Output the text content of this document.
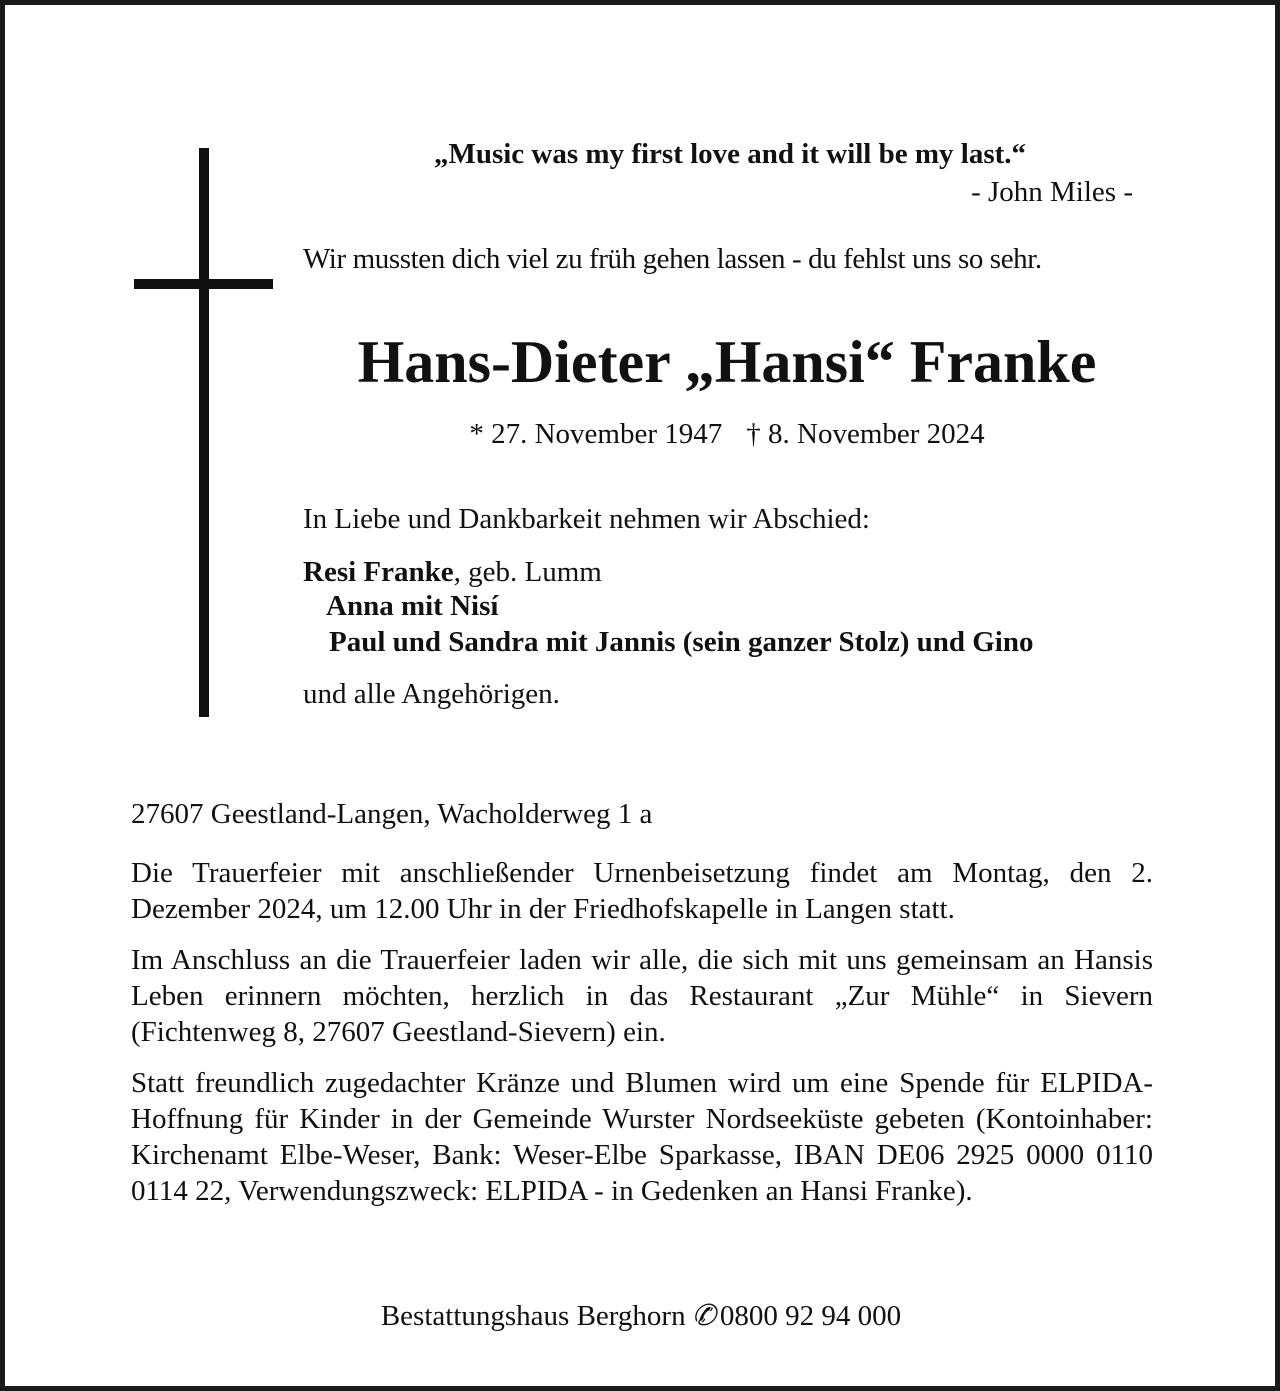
„Music was my first love and it will be my last.“
- John Miles -
Wir mussten dich viel zu früh gehen lassen - du fehlst uns so sehr.
Hans-Dieter „Hansi“ Franke
* 27. November 1947 † 8. November 2024
In Liebe und Dankbarkeit nehmen wir Abschied:
Resi Franke, geb. Lumm
Anna mit Nisí
Paul und Sandra mit Jannis (sein ganzer Stolz) und Gino
und alle Angehörigen.
27607 Geestland-Langen, Wacholderweg 1 a
Die Trauerfeier mit anschließender Urnenbeisetzung findet am Montag, den 2. Dezember 2024, um 12.00 Uhr in der Friedhofskapelle in Langen statt.
Im Anschluss an die Trauerfeier laden wir alle, die sich mit uns gemeinsam an Hansis Leben erinnern möchten, herzlich in das Restaurant „Zur Mühle“ in Sievern (Fichtenweg 8, 27607 Geestland-Sievern) ein.
Statt freundlich zugedachter Kränze und Blumen wird um eine Spende für ELPIDA-Hoffnung für Kinder in der Gemeinde Wurster Nordseeküste gebeten (Kontoinhaber: Kirchenamt Elbe-Weser, Bank: Weser-Elbe Sparkasse, IBAN DE06 2925 0000 0110 0114 22, Verwendungszweck: ELPIDA - in Gedenken an Hansi Franke).
Bestattungshaus Berghorn ✆ 0800 92 94 000
